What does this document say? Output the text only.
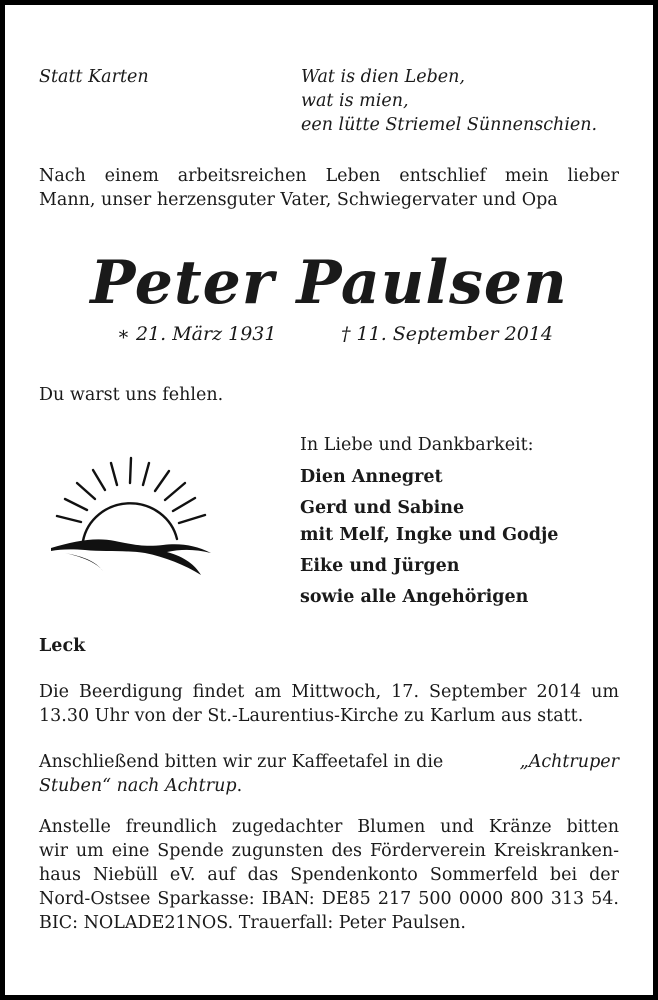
Statt Karten	Wat is dien Leben,
wat is mien,
een lütte Striemel Sünnenschien.
Nach einem arbeitsreichen Leben entschlief mein lieber
Mann, unser herzensguter Vater, Schwiegervater und Opa
Peter Paulsen
∗ 21. März 1931	† 11. September 2014
Du warst uns fehlen.
In Liebe und Dankbarkeit:
Dien Annegret
Gerd und Sabine
mit Melf, Ingke und Godje
Eike und Jürgen
sowie alle Angehörigen
Leck
Die Beerdigung findet am Mittwoch, 17. September 2014 um
13.30 Uhr von der St.-Laurentius-Kirche zu Karlum aus statt.
Anschließend bitten wir zur Kaffeetafel in die	„Achtruper
Stuben“ nach Achtrup.
Anstelle freundlich zugedachter Blumen und Kränze bitten
wir um eine Spende zugunsten des Förderverein Kreiskranken-
haus Niebüll eV. auf das Spendenkonto Sommerfeld bei der
Nord-Ostsee Sparkasse: IBAN: DE85 217 500 0000 800 313 54.
BIC: NOLADE21NOS. Trauerfall: Peter Paulsen.
